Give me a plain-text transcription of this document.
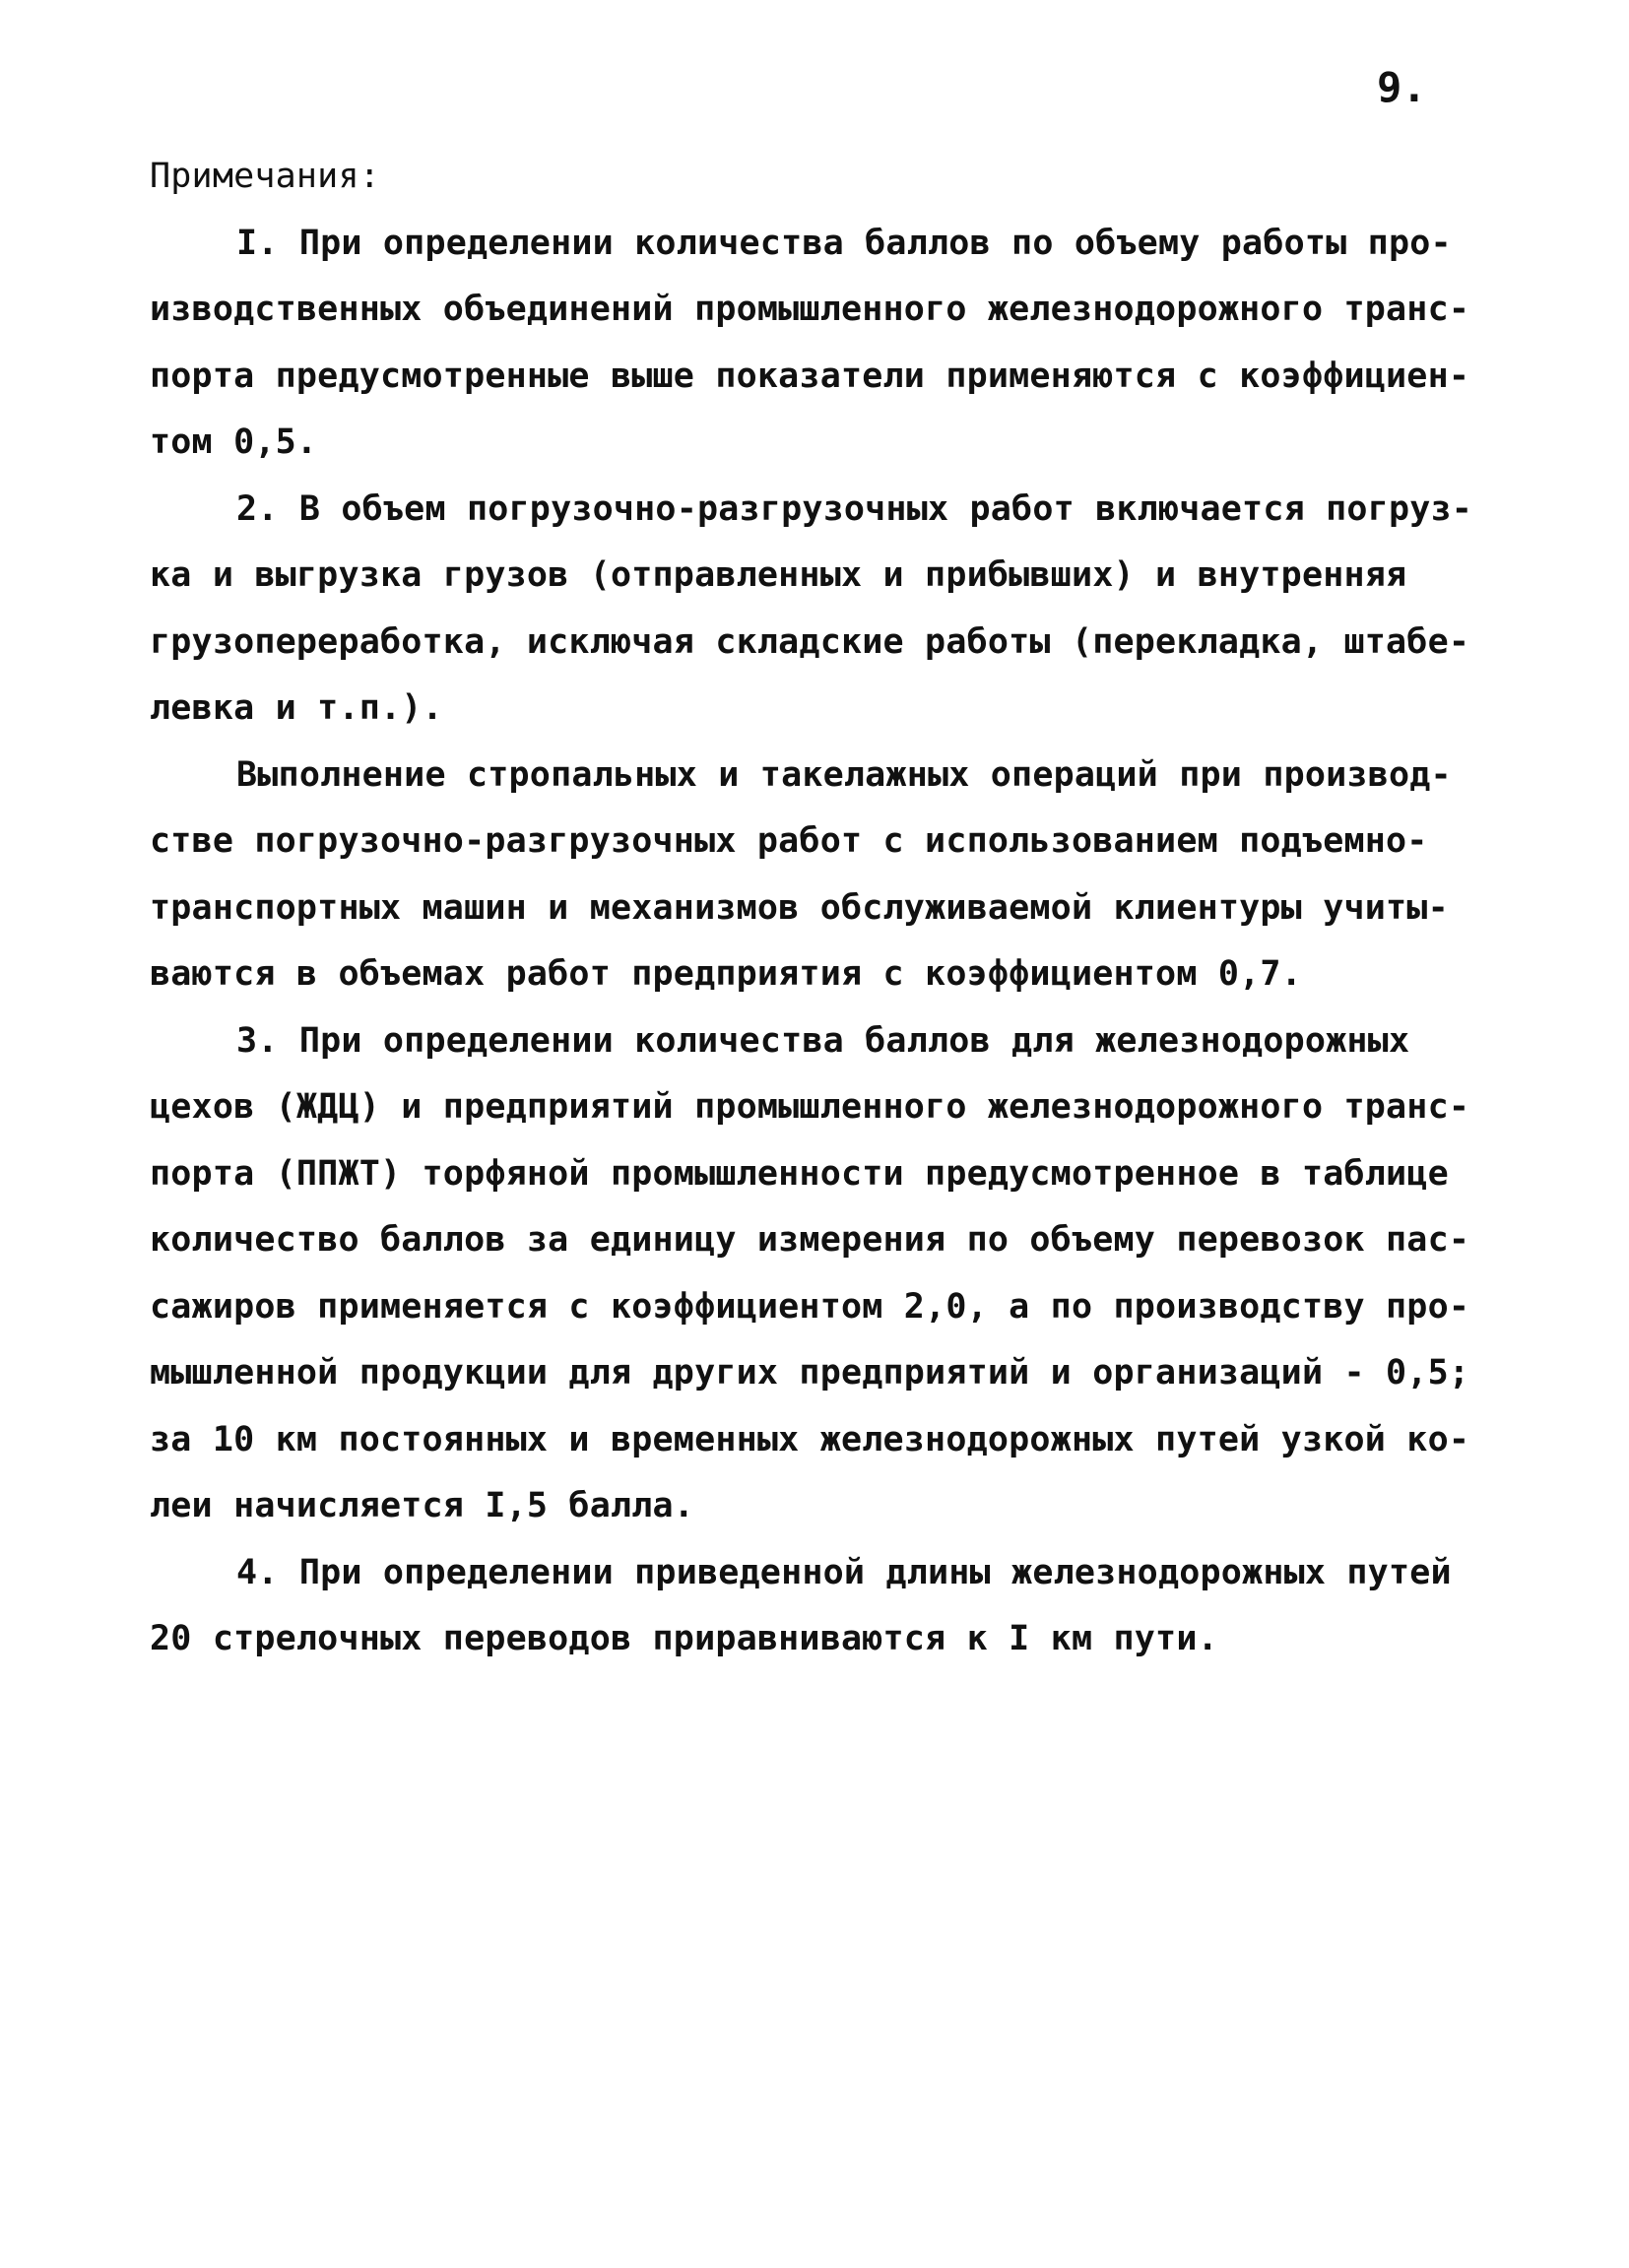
9.
Примечания:
I. При определении количества баллов по объему работы про-
изводственных объединений промышленного железнодорожного транс-
порта предусмотренные выше показатели применяются с коэффициен-
том 0,5.
2. В объем погрузочно-разгрузочных работ включается погруз-
ка и выгрузка грузов (отправленных и прибывших) и внутренняя
грузопереработка, исключая складские работы (перекладка, штабе-
левка и т.п.).
Выполнение стропальных и такелажных операций при производ-
стве погрузочно-разгрузочных работ с использованием подъемно-
транспортных машин и механизмов обслуживаемой клиентуры учиты-
ваются в объемах работ предприятия с коэффициентом 0,7.
3. При определении количества баллов для железнодорожных
цехов (ЖДЦ) и предприятий промышленного железнодорожного транс-
порта (ППЖТ) торфяной промышленности предусмотренное в таблице
количество баллов за единицу измерения по объему перевозок пас-
сажиров применяется с коэффициентом 2,0, а по производству про-
мышленной продукции для других предприятий и организаций - 0,5;
за 10 км постоянных и временных железнодорожных путей узкой ко-
леи начисляется I,5 балла.
4. При определении приведенной длины железнодорожных путей
20 стрелочных переводов приравниваются к I км пути.
